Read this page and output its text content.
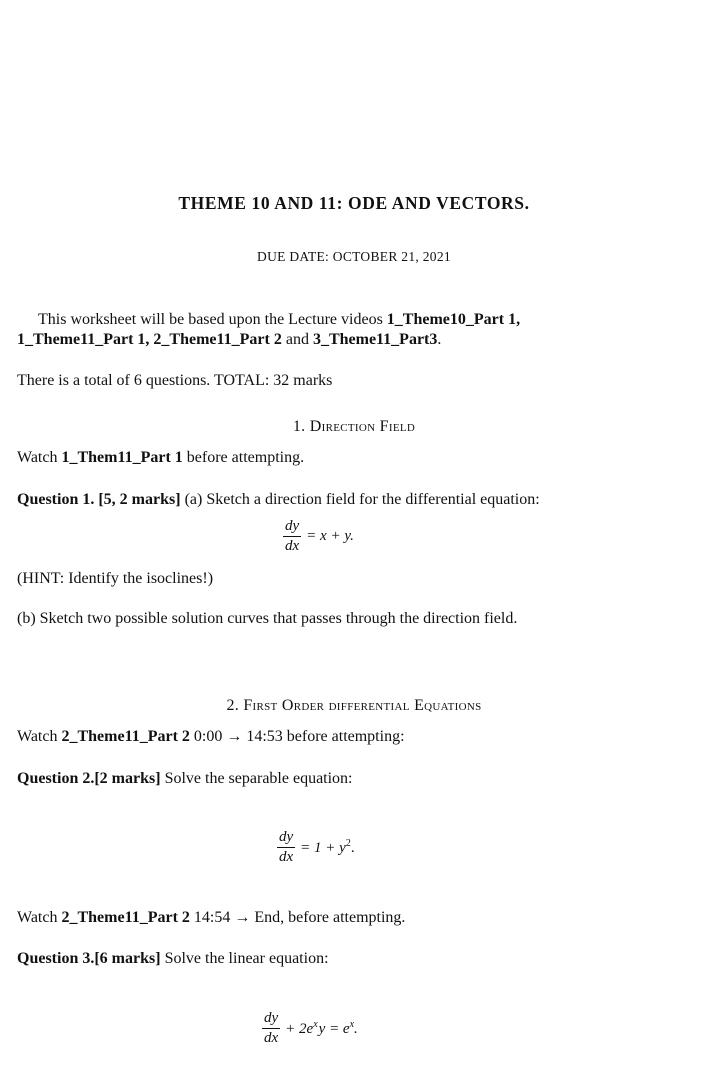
THEME 10 AND 11: ODE AND VECTORS.
DUE DATE: OCTOBER 21, 2021
This worksheet will be based upon the Lecture videos 1_Theme10_Part 1,
1_Theme11_Part 1, 2_Theme11_Part 2 and 3_Theme11_Part3.
There is a total of 6 questions. TOTAL: 32 marks
1. Direction Field
Watch 1_Them11_Part 1 before attempting.
Question 1. [5, 2 marks] (a) Sketch a direction field for the differential equation:
$\frac{dy}{dx} = x + y$.
(HINT: Identify the isoclines!)
(b) Sketch two possible solution curves that passes through the direction field.
2. First Order differential Equations
Watch 2_Theme11_Part 2 0:00 → 14:53 before attempting:
Question 2.[2 marks] Solve the separable equation:
$\frac{dy}{dx} = 1 + y^2$.
Watch 2_Theme11_Part 2 14:54 → End, before attempting.
Question 3.[6 marks] Solve the linear equation:
$\frac{dy}{dx} + 2e^xy = e^x$.
